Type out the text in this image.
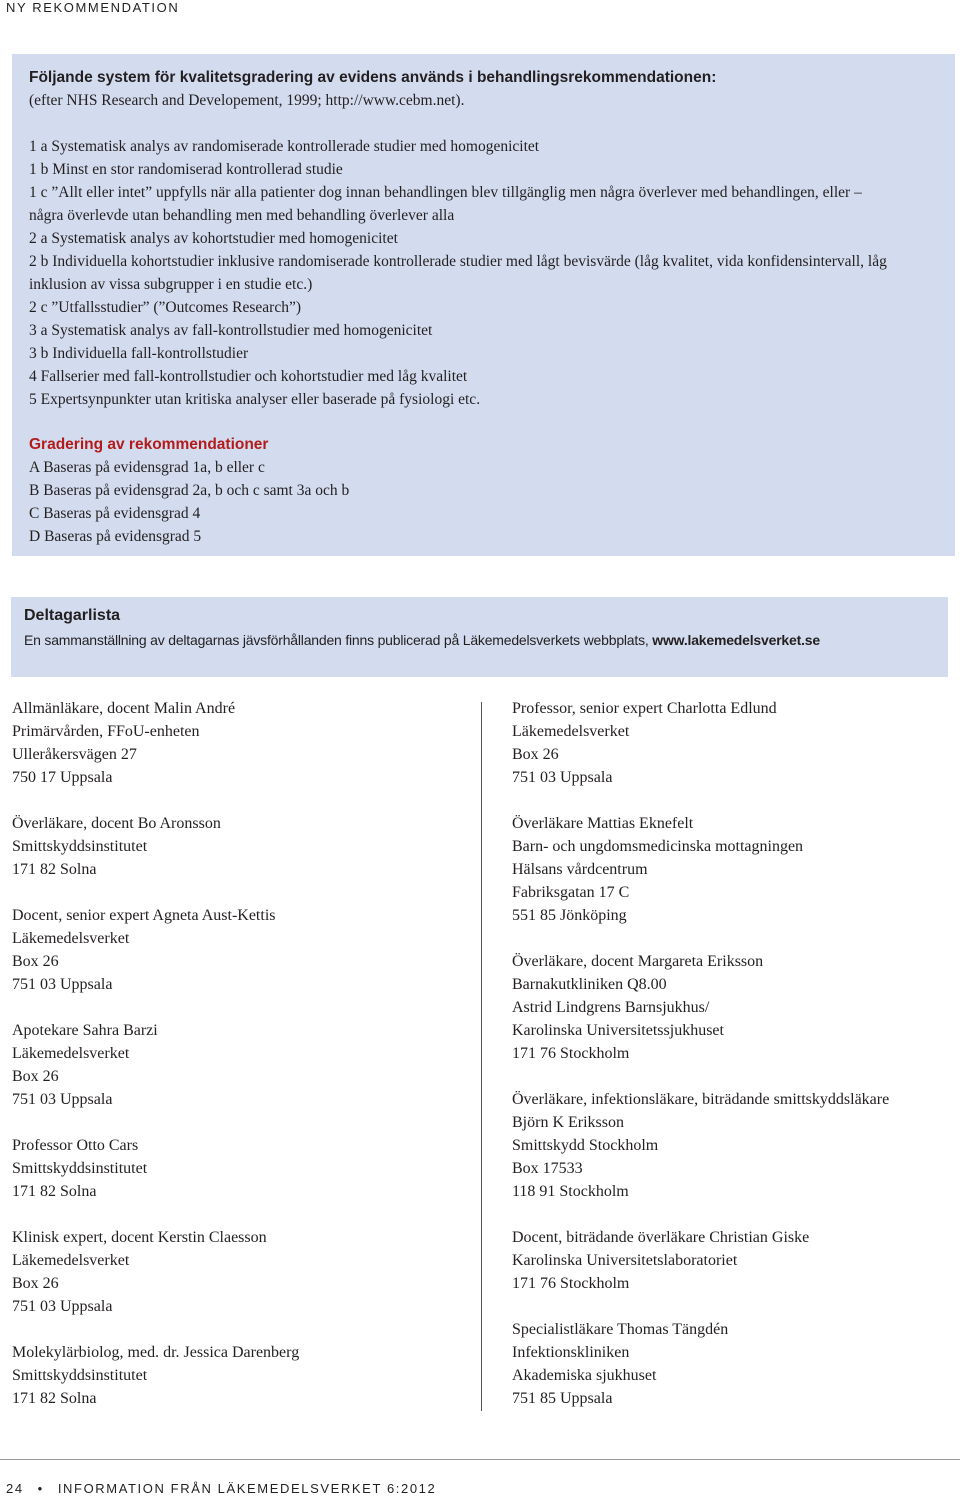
NY REKOMMENDATION
Följande system för kvalitetsgradering av evidens används i behandlingsrekommendationen:
(efter NHS Research and Developement, 1999; http://www.cebm.net).
1 a Systematisk analys av randomiserade kontrollerade studier med homogenicitet
1 b Minst en stor randomiserad kontrollerad studie
1 c ”Allt eller intet” uppfylls när alla patienter dog innan behandlingen blev tillgänglig men några överlever med behandlingen, eller – några överlevde utan behandling men med behandling överlever alla
2 a Systematisk analys av kohortstudier med homogenicitet
2 b Individuella kohortstudier inklusive randomiserade kontrollerade studier med lågt bevisvärde (låg kvalitet, vida konfidensintervall, låg inklusion av vissa subgrupper i en studie etc.)
2 c ”Utfallsstudier” (”Outcomes Research”)
3 a Systematisk analys av fall-kontrollstudier med homogenicitet
3 b Individuella fall-kontrollstudier
4 Fallserier med fall-kontrollstudier och kohortstudier med låg kvalitet
5 Expertsynpunkter utan kritiska analyser eller baserade på fysiologi etc.
Gradering av rekommendationer
A Baseras på evidensgrad 1a, b eller c
B Baseras på evidensgrad 2a, b och c samt 3a och b
C Baseras på evidensgrad 4
D Baseras på evidensgrad 5
Deltagarlista
En sammanställning av deltagarnas jävsförhållanden finns publicerad på Läkemedelsverkets webbplats, www.lakemedelsverket.se
Allmänläkare, docent Malin André
Primärvården, FFoU-enheten
Ulleråkersvägen 27
750 17 Uppsala
Överläkare, docent Bo Aronsson
Smittskyddsinstitutet
171 82 Solna
Docent, senior expert Agneta Aust-Kettis
Läkemedelsverket
Box 26
751 03 Uppsala
Apotekare Sahra Barzi
Läkemedelsverket
Box 26
751 03 Uppsala
Professor Otto Cars
Smittskyddsinstitutet
171 82 Solna
Klinisk expert, docent Kerstin Claesson
Läkemedelsverket
Box 26
751 03 Uppsala
Molekylärbiolog, med. dr. Jessica Darenberg
Smittskyddsinstitutet
171 82 Solna
Professor, senior expert Charlotta Edlund
Läkemedelsverket
Box 26
751 03 Uppsala
Överläkare Mattias Eknefelt
Barn- och ungdomsmedicinska mottagningen
Hälsans vårdcentrum
Fabriksgatan 17 C
551 85 Jönköping
Överläkare, docent Margareta Eriksson
Barnakutkliniken Q8.00
Astrid Lindgrens Barnsjukhus/
Karolinska Universitetssjukhuset
171 76 Stockholm
Överläkare, infektionsläkare, biträdande smittskyddsläkare
Björn K Eriksson
Smittskydd Stockholm
Box 17533
118 91 Stockholm
Docent, biträdande överläkare Christian Giske
Karolinska Universitetslaboratoriet
171 76 Stockholm
Specialistläkare Thomas Tängdén
Infektionskliniken
Akademiska sjukhuset
751 85 Uppsala
24 • INFORMATION FRÅN LÄKEMEDELSVERKET 6:2012
